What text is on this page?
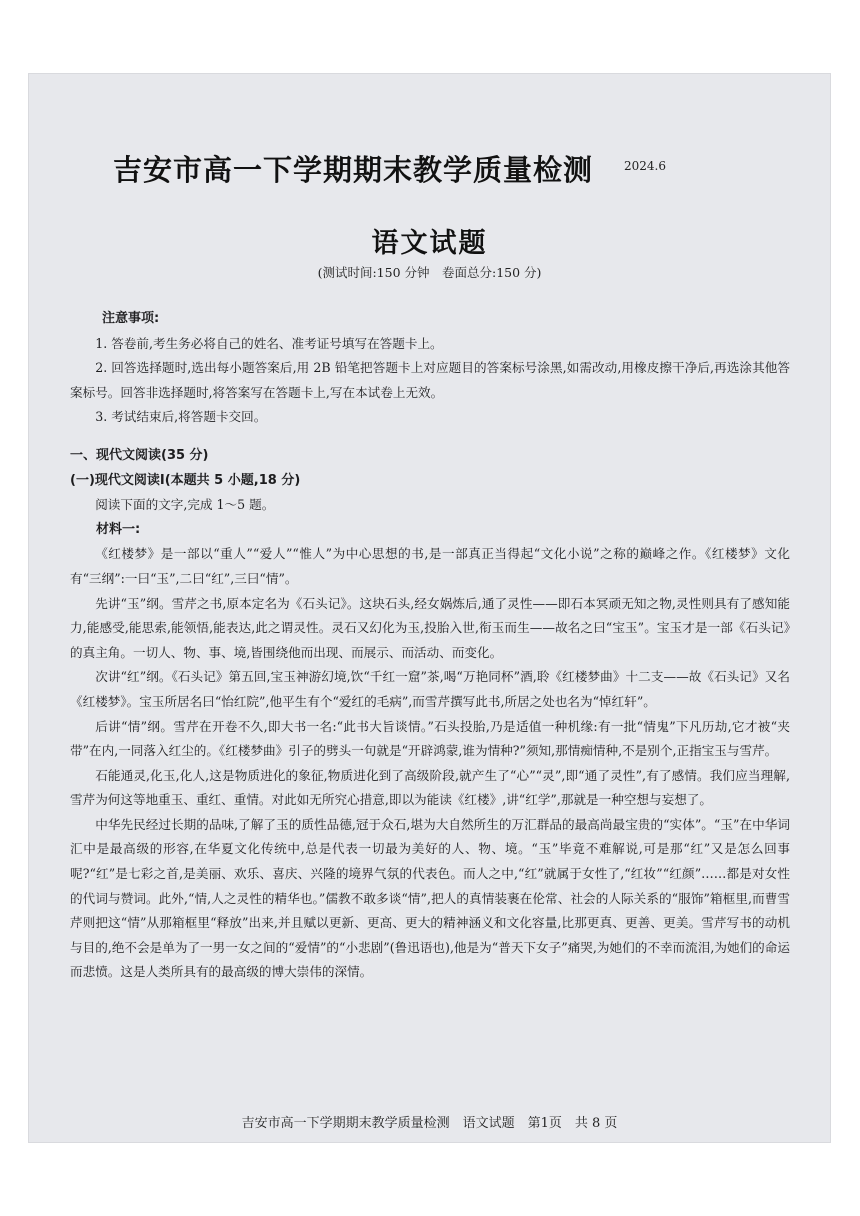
吉安市高一下学期期末教学质量检测	2024.6
语文试题
(测试时间:150 分钟　卷面总分:150 分)

注意事项:

1. 答卷前,考生务必将自己的姓名、准考证号填写在答题卡上。

2. 回答选择题时,选出每小题答案后,用 2B 铅笔把答题卡上对应题目的答案标号涂黑,如需改动,用橡皮擦干净后,再选涂其他答案标号。回答非选择题时,将答案写在答题卡上,写在本试卷上无效。

3. 考试结束后,将答题卡交回。

一、现代文阅读(35 分)

(一)现代文阅读Ⅰ(本题共 5 小题,18 分)

阅读下面的文字,完成 1～5 题。

材料一:

《红楼梦》是一部以“重人”“爱人”“惟人”为中心思想的书,是一部真正当得起“文化小说”之称的巅峰之作。《红楼梦》文化有“三纲”:一曰“玉”,二曰“红”,三曰“情”。

先讲“玉”纲。雪芹之书,原本定名为《石头记》。这块石头,经女娲炼后,通了灵性——即石本冥顽无知之物,灵性则具有了感知能力,能感受,能思索,能领悟,能表达,此之谓灵性。灵石又幻化为玉,投胎入世,衔玉而生——故名之曰“宝玉”。宝玉才是一部《石头记》的真主角。一切人、物、事、境,皆围绕他而出现、而展示、而活动、而变化。

次讲“红”纲。《石头记》第五回,宝玉神游幻境,饮“千红一窟”茶,喝“万艳同杯”酒,聆《红楼梦曲》十二支——故《石头记》又名《红楼梦》。宝玉所居名曰“怡红院”,他平生有个“爱红的毛病”,而雪芹撰写此书,所居之处也名为“悼红轩”。

后讲“情”纲。雪芹在开卷不久,即大书一名:“此书大旨谈情。”石头投胎,乃是适值一种机缘:有一批“情鬼”下凡历劫,它才被“夹带”在内,一同落入红尘的。《红楼梦曲》引子的劈头一句就是“开辟鸿蒙,谁为情种?”须知,那情痴情种,不是别个,正指宝玉与雪芹。

石能通灵,化玉,化人,这是物质进化的象征,物质进化到了高级阶段,就产生了“心”“灵”,即“通了灵性”,有了感情。我们应当理解,雪芹为何这等地重玉、重红、重情。对此如无所究心措意,即以为能读《红楼》,讲“红学”,那就是一种空想与妄想了。

中华先民经过长期的品味,了解了玉的质性品德,冠于众石,堪为大自然所生的万汇群品的最高尚最宝贵的“实体”。“玉”在中华词汇中是最高级的形容,在华夏文化传统中,总是代表一切最为美好的人、物、境。“玉”毕竟不难解说,可是那“红”又是怎么回事呢?“红”是七彩之首,是美丽、欢乐、喜庆、兴隆的境界气氛的代表色。而人之中,“红”就属于女性了,“红妆”“红颜”……都是对女性的代词与赞词。此外,“情,人之灵性的精华也。”儒教不敢多谈“情”,把人的真情装裹在伦常、社会的人际关系的“服饰”箱框里,而曹雪芹则把这“情”从那箱框里“释放”出来,并且赋以更新、更高、更大的精神涵义和文化容量,比那更真、更善、更美。雪芹写书的动机与目的,绝不会是单为了一男一女之间的“爱情”的“小悲剧”(鲁迅语也),他是为“普天下女子”痛哭,为她们的不幸而流泪,为她们的命运而悲愤。这是人类所具有的最高级的博大崇伟的深情。

吉安市高一下学期期末教学质量检测　语文试题　第1页　共 8 页
